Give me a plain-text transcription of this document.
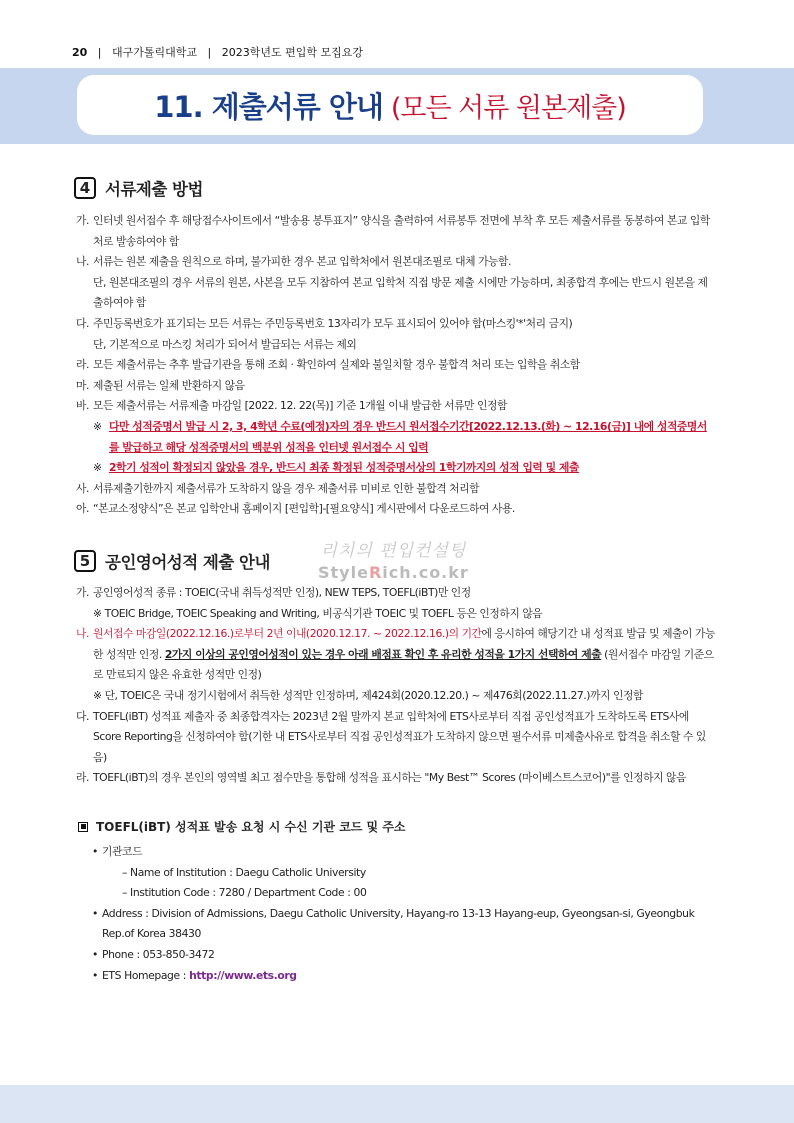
20   |   대구가톨릭대학교   |   2023학년도 편입학 모집요강
11. 제출서류 안내 (모든 서류 원본제출)
4 서류제출 방법
가. 인터넷 원서접수 후 해당접수사이트에서 “발송용 봉투표지” 양식을 출력하여 서류봉투 전면에 부착 후 모든 제출서류를 동봉하여 본교 입학처로 발송하여야 함
나. 서류는 원본 제출을 원칙으로 하며, 불가피한 경우 본교 입학처에서 원본대조필로 대체 가능함.
단, 원본대조필의 경우 서류의 원본, 사본을 모두 지참하여 본교 입학처 직접 방문 제출 시에만 가능하며, 최종합격 후에는 반드시 원본을 제출하여야 함
다. 주민등록번호가 표기되는 모든 서류는 주민등록번호 13자리가 모두 표시되어 있어야 함(마스킹'*'처리 금지)
단, 기본적으로 마스킹 처리가 되어서 발급되는 서류는 제외
라. 모든 제출서류는 추후 발급기관을 통해 조회 · 확인하여 실제와 불일치할 경우 불합격 처리 또는 입학을 취소함
마. 제출된 서류는 일체 반환하지 않음
바. 모든 제출서류는 서류제출 마감일 [2022. 12. 22(목)] 기준 1개월 이내 발급한 서류만 인정함
※ 다만 성적증명서 발급 시 2, 3, 4학년 수료(예정)자의 경우 반드시 원서접수기간[2022.12.13.(화) ~ 12.16(금)] 내에 성적증명서를 발급하고 해당 성적증명서의 백분위 성적을 인터넷 원서접수 시 입력
※ 2학기 성적이 확정되지 않았을 경우, 반드시 최종 확정된 성적증명서상의 1학기까지의 성적 입력 및 제출
사. 서류제출기한까지 제출서류가 도착하지 않을 경우 제출서류 미비로 인한 불합격 처리함
아. “본교소정양식”은 본교 입학안내 홈페이지 [편입학]-[필요양식] 게시판에서 다운로드하여 사용.
리치의 편입컨설팅
StyleRich.co.kr
5 공인영어성적 제출 안내
가. 공인영어성적 종류 : TOEIC(국내 취득성적만 인정), NEW TEPS, TOEFL(iBT)만 인정
※ TOEIC Bridge, TOEIC Speaking and Writing, 비공식기관 TOEIC 및 TOEFL 등은 인정하지 않음
나. 원서접수 마감일(2022.12.16.)로부터 2년 이내(2020.12.17. ~ 2022.12.16.)의 기간에 응시하여 해당기간 내 성적표 발급 및 제출이 가능한 성적만 인정. 2가지 이상의 공인영어성적이 있는 경우 아래 배점표 확인 후 유리한 성적을 1가지 선택하여 제출 (원서접수 마감일 기준으로 만료되지 않은 유효한 성적만 인정)
※ 단, TOEIC은 국내 정기시험에서 취득한 성적만 인정하며, 제424회(2020.12.20.) ~ 제476회(2022.11.27.)까지 인정함
다. TOEFL(iBT) 성적표 제출자 중 최종합격자는 2023년 2월 말까지 본교 입학처에 ETS사로부터 직접 공인성적표가 도착하도록 ETS사에 Score Reporting을 신청하여야 함(기한 내 ETS사로부터 직접 공인성적표가 도착하지 않으면 필수서류 미제출사유로 합격을 취소할 수 있음)
라. TOEFL(iBT)의 경우 본인의 영역별 최고 점수만을 통합해 성적을 표시하는 "My Best™ Scores (마이베스트스코어)"를 인정하지 않음
TOEFL(iBT) 성적표 발송 요청 시 수신 기관 코드 및 주소
• 기관코드
– Name of Institution : Daegu Catholic University
– Institution Code : 7280 / Department Code : 00
• Address : Division of Admissions, Daegu Catholic University, Hayang-ro 13-13 Hayang-eup, Gyeongsan-si, Gyeongbuk Rep.of Korea 38430
• Phone : 053-850-3472
• ETS Homepage : http://www.ets.org
